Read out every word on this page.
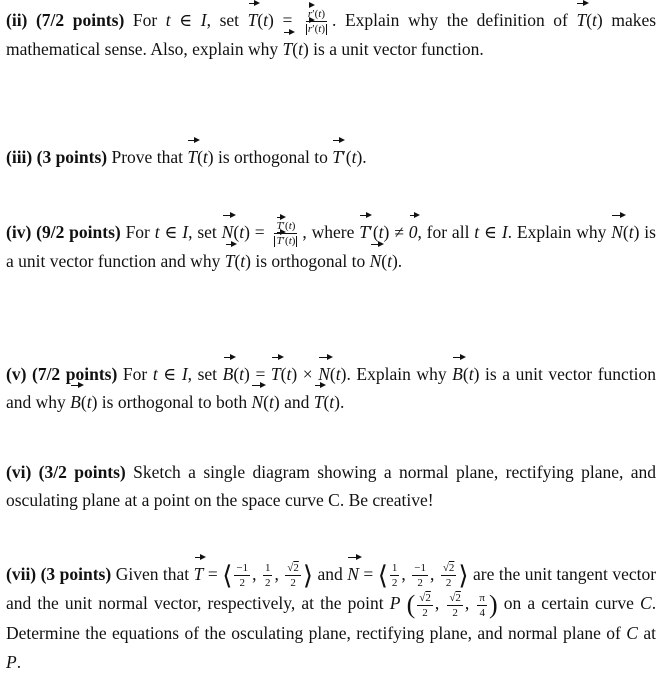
(ii) (7/2 points) For t ∈ I, set $T(t) = \frac{r'(t)}{r'(t)}$ . Explain why the definition of T(t) makes mathematical sense. Also, explain why T(t) is a unit vector function.
(iii) (3 points) Prove that T(t) is orthogonal to T′(t).
(iv) (9/2 points) For t ∈ I, set $N(t) = \frac{T'(t)}{T'(t)}$ , where T′(t) ≠ 0, for all t ∈ I. Explain why N(t) is a unit vector function and why T(t) is orthogonal to N(t).
(v) (7/2 points) For t ∈ I, set B(t) = T(t) × N(t). Explain why B(t) is a unit vector function and why B(t) is orthogonal to both N(t) and T(t).
(vi) (3/2 points) Sketch a single diagram showing a normal plane, rectifying plane, and osculating plane at a point on the space curve C. Be creative!
(vii) (3 points) Given that T = ⟨ $\frac{-1}{2}$ , $\frac{1}{2}$ , $\frac{√2}{2}$ ⟩ and N = ⟨ $\frac{1}{2}$ , $\frac{-1}{2}$ , $\frac{√2}{2}$ ⟩ are the unit tangent vector and the unit normal vector, respectively, at the point P ( $\frac{√2}{2}$ , $\frac{√2}{2}$ , $\frac{\pi}{4}$ ) on a certain curve C. Determine the equations of the osculating plane, rectifying plane, and normal plane of C at P.
